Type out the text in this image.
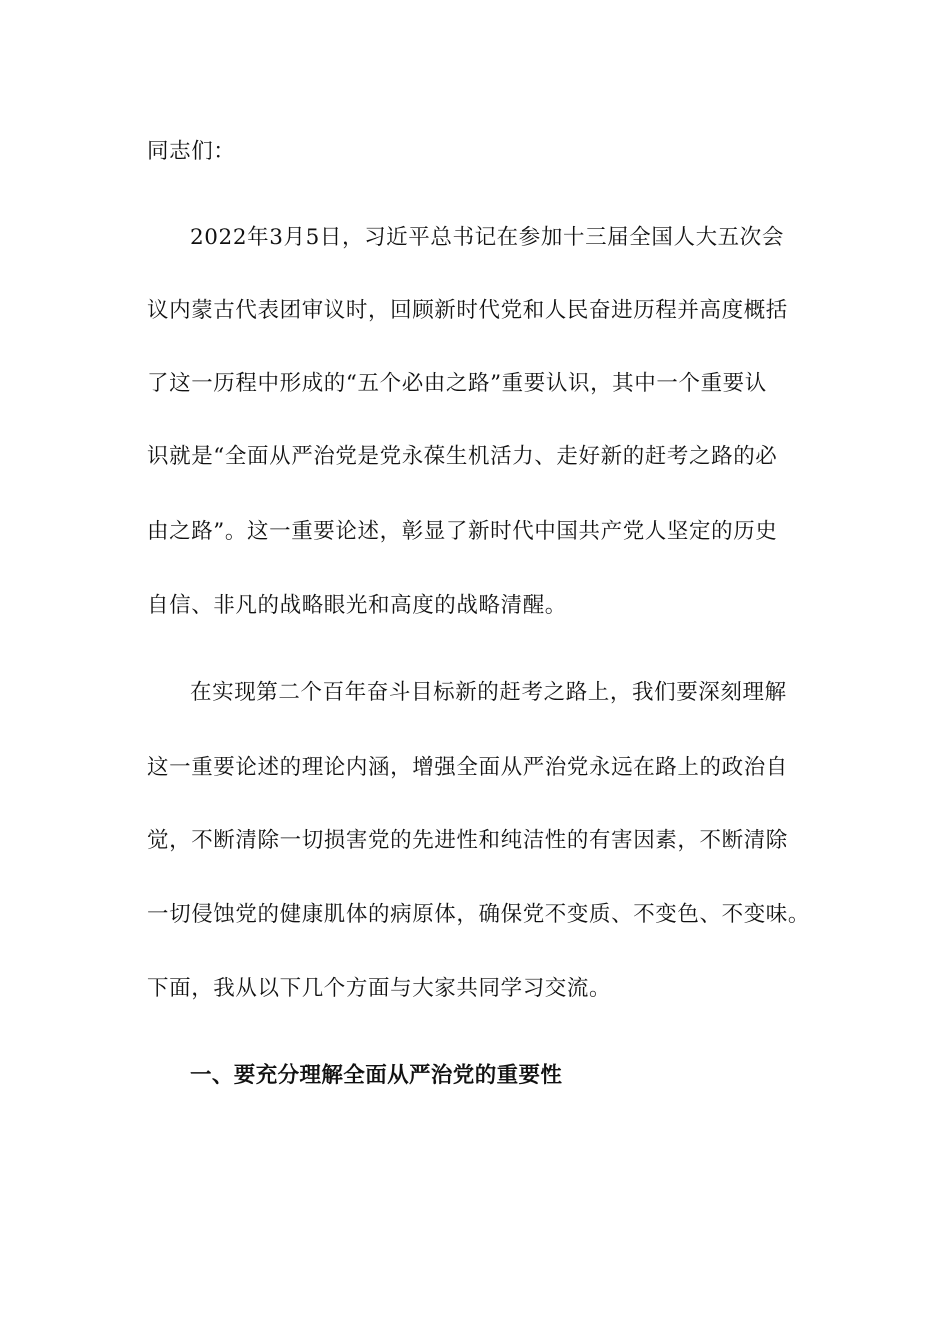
同志们：
2022年3月5日，习近平总书记在参加十三届全国人大五次会
议内蒙古代表团审议时，回顾新时代党和人民奋进历程并高度概括
了这一历程中形成的“五个必由之路”重要认识，其中一个重要认
识就是“全面从严治党是党永葆生机活力、走好新的赶考之路的必
由之路”。这一重要论述，彰显了新时代中国共产党人坚定的历史
自信、非凡的战略眼光和高度的战略清醒。
在实现第二个百年奋斗目标新的赶考之路上，我们要深刻理解
这一重要论述的理论内涵，增强全面从严治党永远在路上的政治自
觉，不断清除一切损害党的先进性和纯洁性的有害因素，不断清除
一切侵蚀党的健康肌体的病原体，确保党不变质、不变色、不变味。
下面，我从以下几个方面与大家共同学习交流。
一、要充分理解全面从严治党的重要性
